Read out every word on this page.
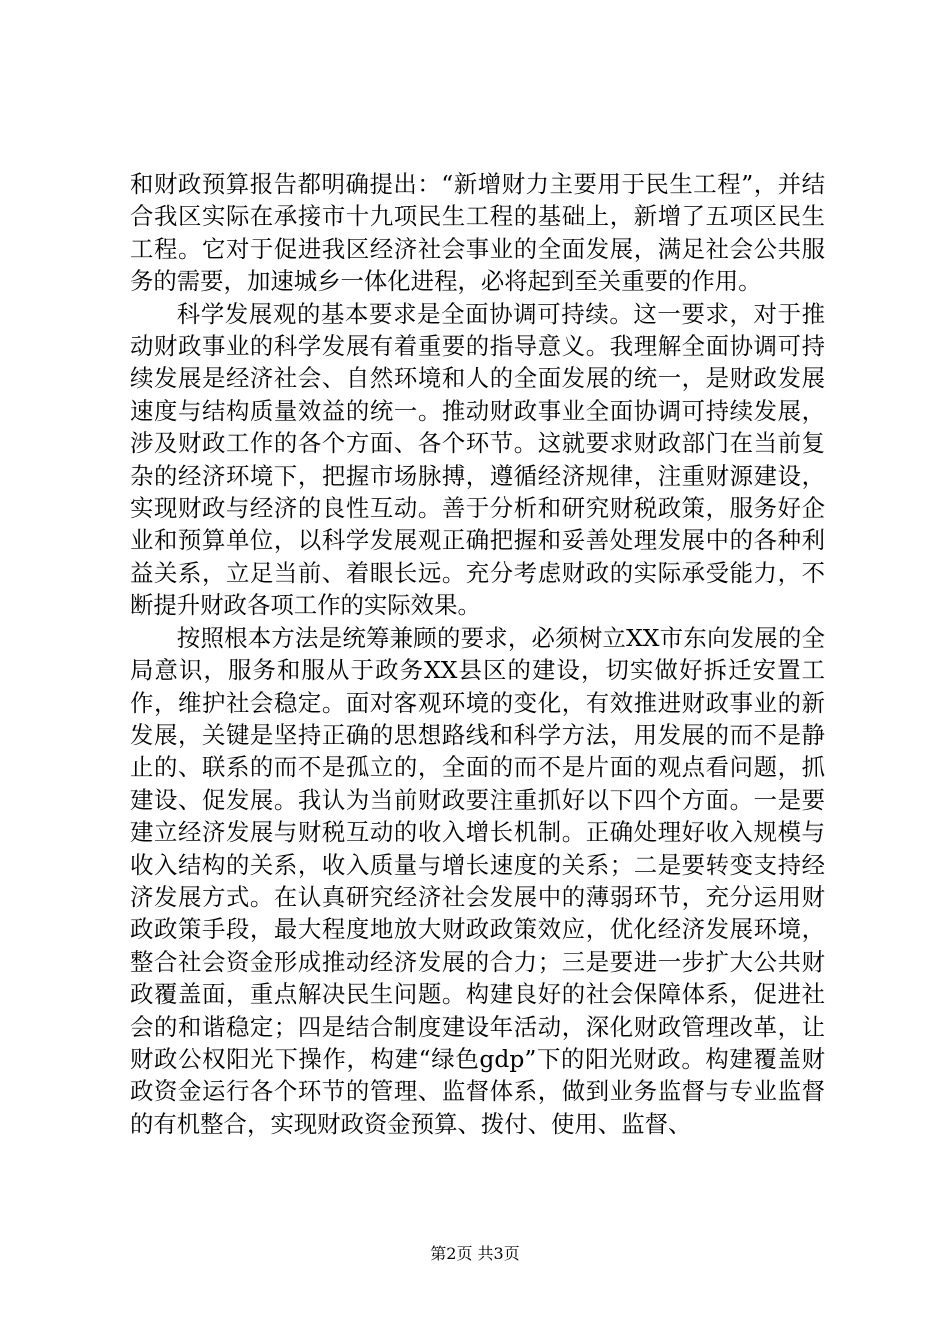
和财政预算报告都明确提出：“新增财力主要用于民生工程”，并结合我区实际在承接市十九项民生工程的基础上，新增了五项区民生工程。它对于促进我区经济社会事业的全面发展，满足社会公共服务的需要，加速城乡一体化进程，必将起到至关重要的作用。

科学发展观的基本要求是全面协调可持续。这一要求，对于推动财政事业的科学发展有着重要的指导意义。我理解全面协调可持续发展是经济社会、自然环境和人的全面发展的统一，是财政发展速度与结构质量效益的统一。推动财政事业全面协调可持续发展，涉及财政工作的各个方面、各个环节。这就要求财政部门在当前复杂的经济环境下，把握市场脉搏，遵循经济规律，注重财源建设，实现财政与经济的良性互动。善于分析和研究财税政策，服务好企业和预算单位，以科学发展观正确把握和妥善处理发展中的各种利益关系，立足当前、着眼长远。充分考虑财政的实际承受能力，不断提升财政各项工作的实际效果。

按照根本方法是统筹兼顾的要求，必须树立XX市东向发展的全局意识，服务和服从于政务XX县区的建设，切实做好拆迁安置工作，维护社会稳定。面对客观环境的变化，有效推进财政事业的新发展，关键是坚持正确的思想路线和科学方法，用发展的而不是静止的、联系的而不是孤立的，全面的而不是片面的观点看问题，抓建设、促发展。我认为当前财政要注重抓好以下四个方面。一是要建立经济发展与财税互动的收入增长机制。正确处理好收入规模与收入结构的关系，收入质量与增长速度的关系；二是要转变支持经济发展方式。在认真研究经济社会发展中的薄弱环节，充分运用财政政策手段，最大程度地放大财政政策效应，优化经济发展环境，整合社会资金形成推动经济发展的合力；三是要进一步扩大公共财政覆盖面，重点解决民生问题。构建良好的社会保障体系，促进社会的和谐稳定；四是结合制度建设年活动，深化财政管理改革，让财政公权阳光下操作，构建“绿色gdp”下的阳光财政。构建覆盖财政资金运行各个环节的管理、监督体系，做到业务监督与专业监督的有机整合，实现财政资金预算、拨付、使用、监督、

第2页 共3页
